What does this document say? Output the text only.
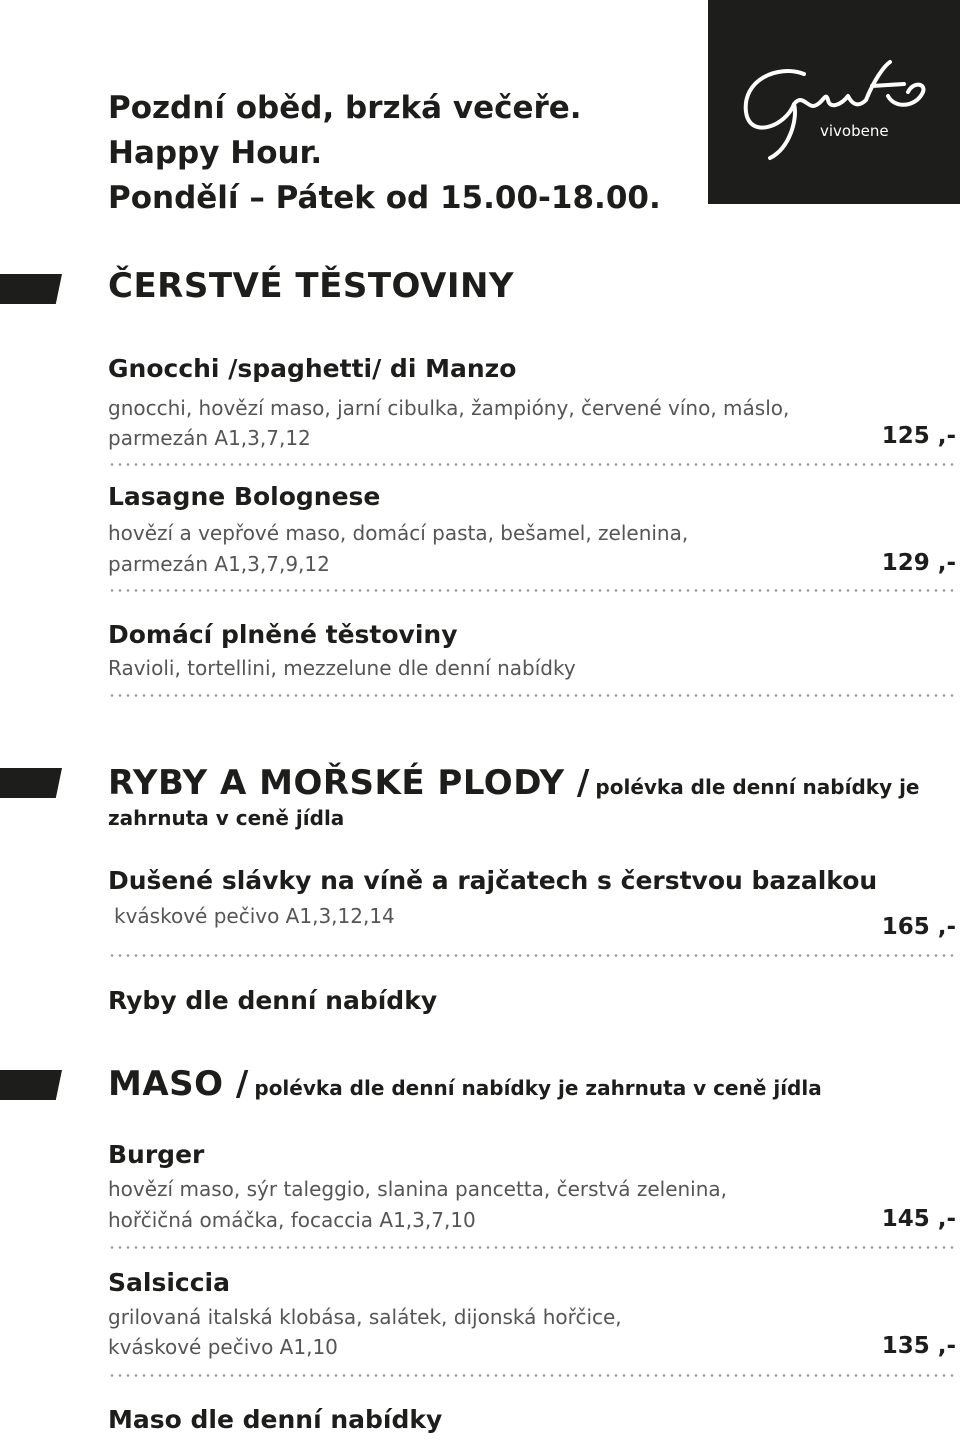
vivobene
Pozdní oběd, brzká večeře.
Happy Hour.
Pondělí – Pátek od 15.00-18.00.
ČERSTVÉ TĚSTOVINY
Gnocchi /spaghetti/ di Manzo
gnocchi, hovězí maso, jarní cibulka, žampióny, červené víno, máslo,
parmezán A1,3,7,12	125 ,-
Lasagne Bolognese
hovězí a vepřové maso, domácí pasta, bešamel, zelenina,
parmezán A1,3,7,9,12	129 ,-
Domácí plněné těstoviny
Ravioli, tortellini, mezzelune dle denní nabídky
RYBY A MOŘSKÉ PLODY / polévka dle denní nabídky je
zahrnuta v ceně jídla
Dušené slávky na víně a rajčatech s čerstvou bazalkou
kváskové pečivo A1,3,12,14	165 ,-
Ryby dle denní nabídky
MASO / polévka dle denní nabídky je zahrnuta v ceně jídla
Burger
hovězí maso, sýr taleggio, slanina pancetta, čerstvá zelenina,
hořčičná omáčka, focaccia A1,3,7,10	145 ,-
Salsiccia
grilovaná italská klobása, salátek, dijonská hořčice,
kváskové pečivo A1,10	135 ,-
Maso dle denní nabídky
